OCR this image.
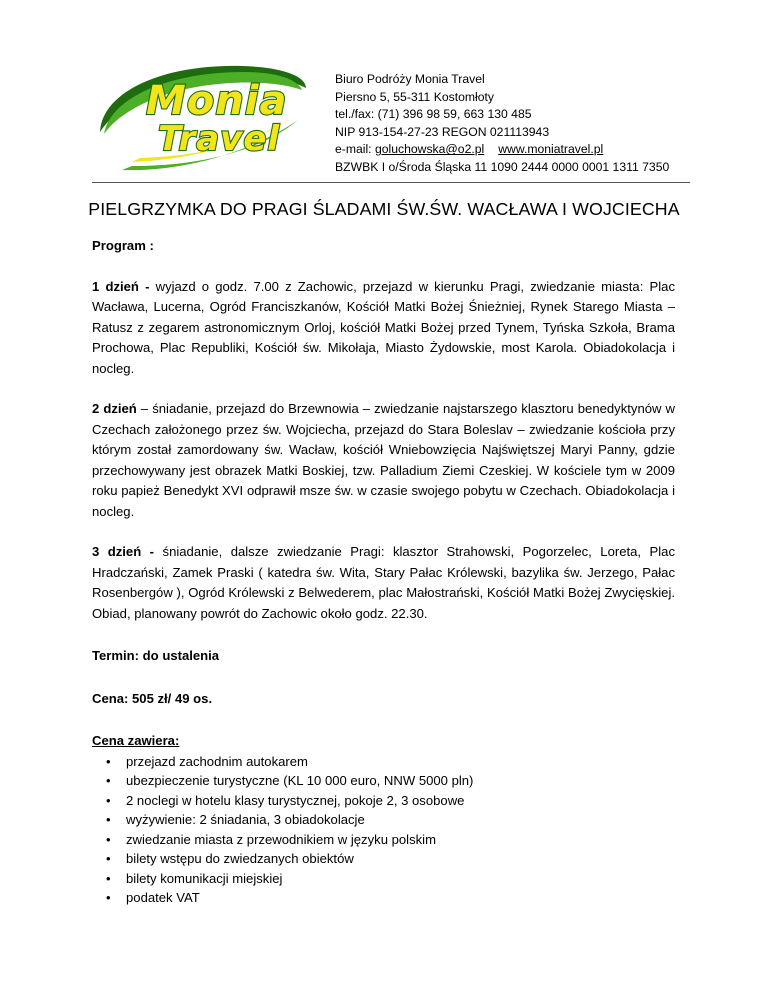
Monia
Travel
Biuro Podróży Monia Travel
Piersno 5, 55-311 Kostomłoty
tel./fax: (71) 396 98 59, 663 130 485
NIP 913-154-27-23 REGON 021113943
e-mail: goluchowska@o2.pl www.moniatravel.pl
BZWBK I o/Środa Śląska 11 1090 2444 0000 0001 1311 7350
PIELGRZYMKA DO PRAGI ŚLADAMI ŚW.ŚW. WACŁAWA I WOJCIECHA

Program :

1 dzień - wyjazd o godz. 7.00 z Zachowic, przejazd w kierunku Pragi, zwiedzanie miasta: Plac Wacława, Lucerna, Ogród Franciszkanów, Kościół Matki Bożej Śnieżniej, Rynek Starego Miasta – Ratusz z zegarem astronomicznym Orloj, kościół Matki Bożej przed Tynem, Tyńska Szkoła, Brama Prochowa, Plac Republiki, Kościół św. Mikołaja, Miasto Żydowskie, most Karola. Obiadokolacja i nocleg.

2 dzień – śniadanie, przejazd do Brzewnowia – zwiedzanie najstarszego klasztoru benedyktynów w Czechach założonego przez św. Wojciecha, przejazd do Stara Boleslav – zwiedzanie kościoła przy którym został zamordowany św. Wacław, kościół Wniebowzięcia Najświętszej Maryi Panny, gdzie przechowywany jest obrazek Matki Boskiej, tzw. Palladium Ziemi Czeskiej. W kościele tym w 2009 roku papież Benedykt XVI odprawił msze św. w czasie swojego pobytu w Czechach. Obiadokolacja i nocleg.

3 dzień - śniadanie, dalsze zwiedzanie Pragi: klasztor Strahowski, Pogorzelec, Loreta, Plac Hradczański, Zamek Praski ( katedra św. Wita, Stary Pałac Królewski, bazylika św. Jerzego, Pałac Rosenbergów ), Ogród Królewski z Belwederem, plac Małostrański, Kościół Matki Bożej Zwycięskiej. Obiad, planowany powrót do Zachowic około godz. 22.30.

Termin: do ustalenia

Cena: 505 zł/ 49 os.

Cena zawiera:

• przejazd zachodnim autokarem
• ubezpieczenie turystyczne (KL 10 000 euro, NNW 5000 pln)
• 2 noclegi w hotelu klasy turystycznej, pokoje 2, 3 osobowe
• wyżywienie: 2 śniadania, 3 obiadokolacje
• zwiedzanie miasta z przewodnikiem w języku polskim
• bilety wstępu do zwiedzanych obiektów
• bilety komunikacji miejskiej
• podatek VAT
